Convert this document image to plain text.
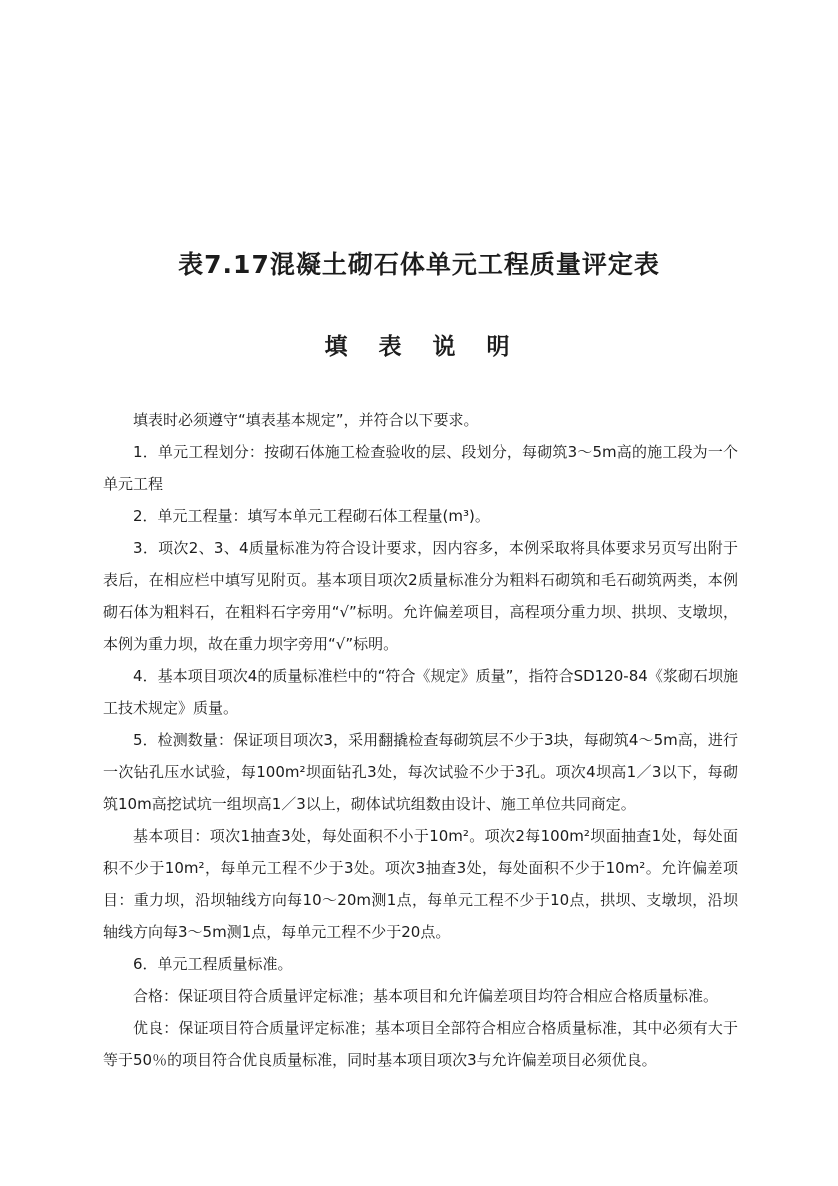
表7.17混凝土砌石体单元工程质量评定表
填　表　说　明

填表时必须遵守“填表基本规定”，并符合以下要求。

1．单元工程划分：按砌石体施工检查验收的层、段划分，每砌筑3～5m高的施工段为一个单元工程

2．单元工程量：填写本单元工程砌石体工程量(m³)。

3．项次2、3、4质量标准为符合设计要求，因内容多，本例采取将具体要求另页写出附于表后，在相应栏中填写见附页。基本项目项次2质量标准分为粗料石砌筑和毛石砌筑两类，本例砌石体为粗料石，在粗料石字旁用“√”标明。允许偏差项目，高程项分重力坝、拱坝、支墩坝，本例为重力坝，故在重力坝字旁用“√”标明。

4．基本项目项次4的质量标准栏中的“符合《规定》质量”，指符合SD120-84《浆砌石坝施工技术规定》质量。

5．检测数量：保证项目项次3，采用翻撬检查每砌筑层不少于3块，每砌筑4～5m高，进行一次钻孔压水试验，每100m²坝面钻孔3处，每次试验不少于3孔。项次4坝高1／3以下，每砌筑10m高挖试坑一组坝高1／3以上，砌体试坑组数由设计、施工单位共同商定。

基本项目：项次1抽查3处，每处面积不小于10m²。项次2每100m²坝面抽查1处，每处面积不少于10m²，每单元工程不少于3处。项次3抽查3处，每处面积不少于10m²。允许偏差项目：重力坝，沿坝轴线方向每10～20m测1点，每单元工程不少于10点，拱坝、支墩坝，沿坝轴线方向每3～5m测1点，每单元工程不少于20点。

6．单元工程质量标准。

合格：保证项目符合质量评定标准；基本项目和允许偏差项目均符合相应合格质量标准。

优良：保证项目符合质量评定标准；基本项目全部符合相应合格质量标准，其中必须有大于等于50％的项目符合优良质量标准，同时基本项目项次3与允许偏差项目必须优良。
